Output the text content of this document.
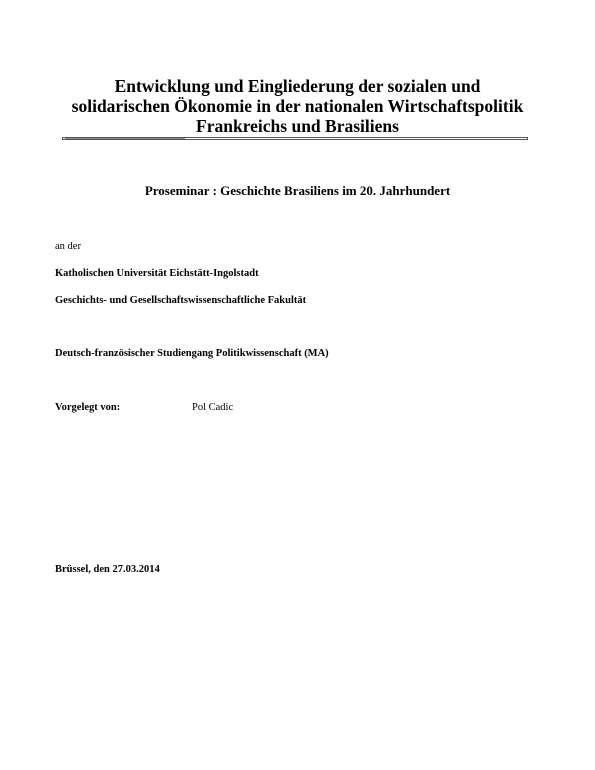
Entwicklung und Eingliederung der sozialen und
solidarischen Ökonomie in der nationalen Wirtschaftspolitik
Frankreichs und Brasiliens
Proseminar : Geschichte Brasiliens im 20. Jahrhundert
an der
Katholischen Universität Eichstätt-Ingolstadt
Geschichts- und Gesellschaftswissenschaftliche Fakultät
Deutsch-französischer Studiengang Politikwissenschaft (MA)
Vorgelegt von:	Pol Cadic
Brüssel, den 27.03.2014
